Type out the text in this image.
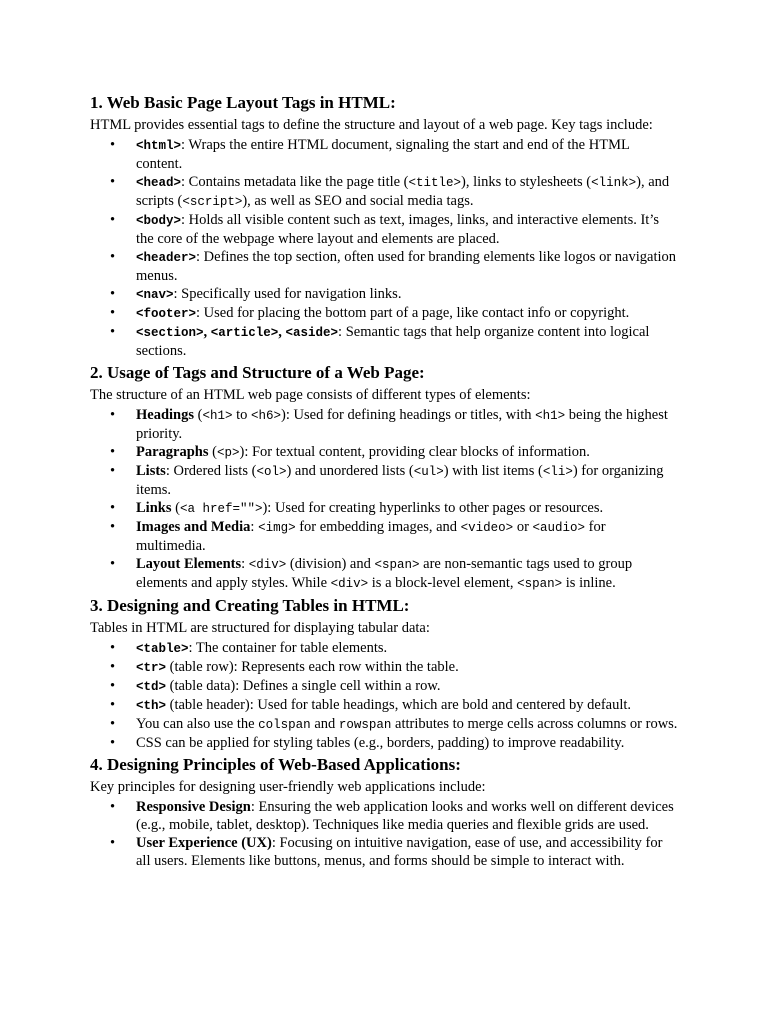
1. Web Basic Page Layout Tags in HTML:

HTML provides essential tags to define the structure and layout of a web page. Key tags include:

• <html>: Wraps the entire HTML document, signaling the start and end of the HTML content.
• <head>: Contains metadata like the page title (<title>), links to stylesheets (<link>), and scripts (<script>), as well as SEO and social media tags.
• <body>: Holds all visible content such as text, images, links, and interactive elements. It’s the core of the webpage where layout and elements are placed.
• <header>: Defines the top section, often used for branding elements like logos or navigation menus.
• <nav>: Specifically used for navigation links.
• <footer>: Used for placing the bottom part of a page, like contact info or copyright.
• <section>, <article>, <aside>: Semantic tags that help organize content into logical sections.
2. Usage of Tags and Structure of a Web Page:

The structure of an HTML web page consists of different types of elements:

• Headings (<h1> to <h6>): Used for defining headings or titles, with <h1> being the highest priority.
• Paragraphs (<p>): For textual content, providing clear blocks of information.
• Lists: Ordered lists (<ol>) and unordered lists (<ul>) with list items (<li>) for organizing items.
• Links (<a href="">): Used for creating hyperlinks to other pages or resources.
• Images and Media: <img> for embedding images, and <video> or <audio> for multimedia.
• Layout Elements: <div> (division) and <span> are non-semantic tags used to group elements and apply styles. While <div> is a block-level element, <span> is inline.
3. Designing and Creating Tables in HTML:

Tables in HTML are structured for displaying tabular data:

• <table>: The container for table elements.
• <tr> (table row): Represents each row within the table.
• <td> (table data): Defines a single cell within a row.
• <th> (table header): Used for table headings, which are bold and centered by default.
• You can also use the colspan and rowspan attributes to merge cells across columns or rows.
• CSS can be applied for styling tables (e.g., borders, padding) to improve readability.
4. Designing Principles of Web-Based Applications:

Key principles for designing user-friendly web applications include:

• Responsive Design: Ensuring the web application looks and works well on different devices (e.g., mobile, tablet, desktop). Techniques like media queries and flexible grids are used.
• User Experience (UX): Focusing on intuitive navigation, ease of use, and accessibility for all users. Elements like buttons, menus, and forms should be simple to interact with.
